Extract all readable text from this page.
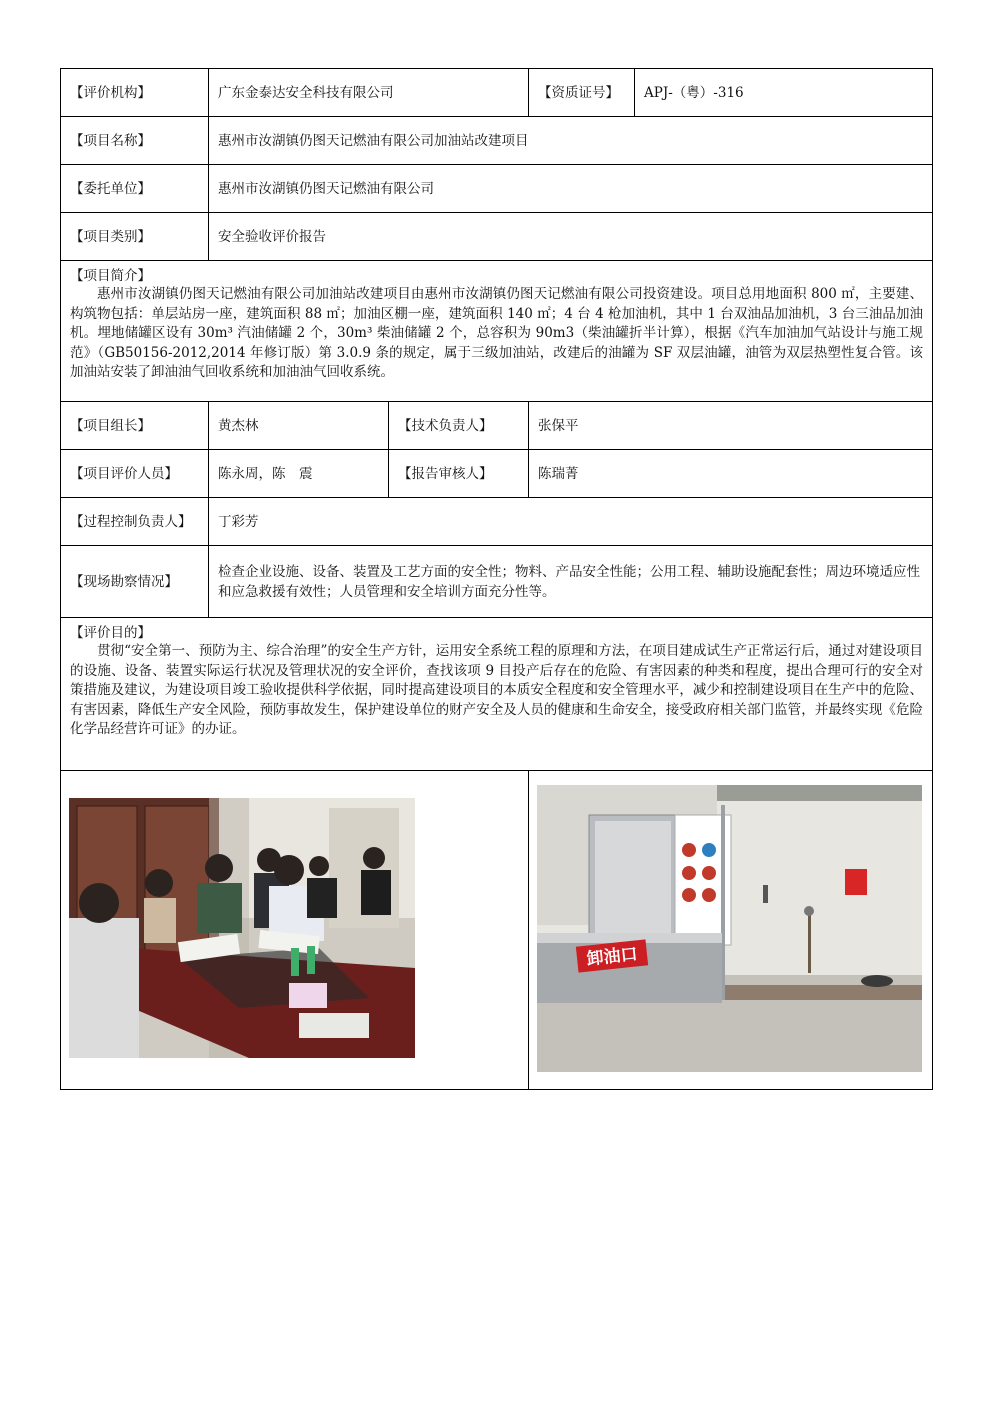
【评价机构】	广东金泰达安全科技有限公司		【资质证号】	APJ-（粤）-316
【项目名称】	惠州市汝湖镇仍图天记燃油有限公司加油站改建项目			
【委托单位】	惠州市汝湖镇仍图天记燃油有限公司			
【项目类别】	安全验收评价报告			

【项目简介】
惠州市汝湖镇仍图天记燃油有限公司加油站改建项目由惠州市汝湖镇仍图天记燃油有限公司投资建设。项目总用地面积 800 ㎡，主要建、构筑物包括：单层站房一座，建筑面积 88 ㎡；加油区棚一座，建筑面积 140 ㎡；4 台 4 枪加油机，其中 1 台双油品加油机，3 台三油品加油机。埋地储罐区设有 30m³ 汽油储罐 2 个，30m³ 柴油储罐 2 个，总容积为 90m3（柴油罐折半计算），根据《汽车加油加气站设计与施工规范》（GB50156-2012,2014 年修订版）第 3.0.9 条的规定，属于三级加油站，改建后的油罐为 SF 双层油罐，油管为双层热塑性复合管。该加油站安装了卸油油气回收系统和加油油气回收系统。				

【项目组长】	黄杰林	【技术负责人】	张保平	
【项目评价人员】	陈永周，陈　震	【报告审核人】	陈瑞菁	
【过程控制负责人】	丁彩芳			
【现场勘察情况】	检查企业设施、设备、装置及工艺方面的安全性；物料、产品安全性能；公用工程、辅助设施配套性；周边环境适应性和应急救援有效性；人员管理和安全培训方面充分性等。			

【评价目的】
贯彻“安全第一、预防为主、综合治理”的安全生产方针，运用安全系统工程的原理和方法，在项目建成试生产正常运行后，通过对建设项目的设施、设备、装置实际运行状况及管理状况的安全评价，查找该项 9 目投产后存在的危险、有害因素的种类和程度，提出合理可行的安全对策措施及建议，为建设项目竣工验收提供科学依据，同时提高建设项目的本质安全程度和安全管理水平，减少和控制建设项目在生产中的危险、有害因素，降低生产安全风险，预防事故发生，保护建设单位的财产安全及人员的健康和生命安全，接受政府相关部门监管，并最终实现《危险化学品经营许可证》的办证。				

卸油口	
